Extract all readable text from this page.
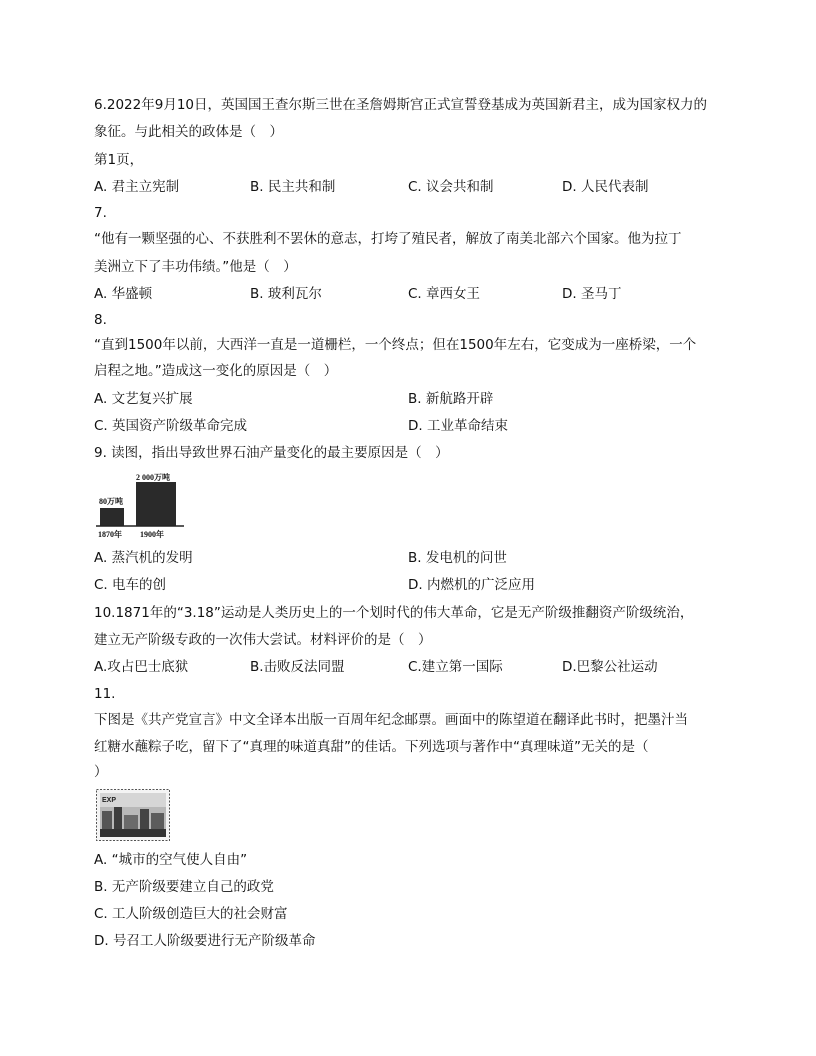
6.2022年9月10日，英国国王查尔斯三世在圣詹姆斯宫正式宣誓登基成为英国新君主，成为国家权力的
象征。与此相关的政体是（　）
第1页，
A. 君主立宪制	B. 民主共和制	C. 议会共和制	D. 人民代表制
7.
“他有一颗坚强的心、不获胜利不罢休的意志，打垮了殖民者，解放了南美北部六个国家。他为拉丁
美洲立下了丰功伟绩。”他是（　）
A. 华盛顿	B. 玻利瓦尔	C. 章西女王	D. 圣马丁
8.
“直到1500年以前，大西洋一直是一道栅栏，一个终点；但在1500年左右，它变成为一座桥梁，一个
启程之地。”造成这一变化的原因是（　）
A. 文艺复兴扩展	B. 新航路开辟
C. 英国资产阶级革命完成	D. 工业革命结束
9. 读图，指出导致世界石油产量变化的最主要原因是（　）
80万吨
2 000万吨
1870年 1900年
A. 蒸汽机的发明	B. 发电机的问世
C. 电车的创	D. 内燃机的广泛应用
10.1871年的“3.18”运动是人类历史上的一个划时代的伟大革命，它是无产阶级推翻资产阶级统治，
建立无产阶级专政的一次伟大尝试。材料评价的是（　）
A.攻占巴士底狱	B.击败反法同盟	C.建立第一国际	D.巴黎公社运动
11.
下图是《共产党宣言》中文全译本出版一百周年纪念邮票。画面中的陈望道在翻译此书时，把墨汁当
红糖水蘸粽子吃，留下了“真理的味道真甜”的佳话。下列选项与著作中“真理味道”无关的是（
）
EXP
A. “城市的空气使人自由”
B. 无产阶级要建立自己的政党
C. 工人阶级创造巨大的社会财富
D. 号召工人阶级要进行无产阶级革命
